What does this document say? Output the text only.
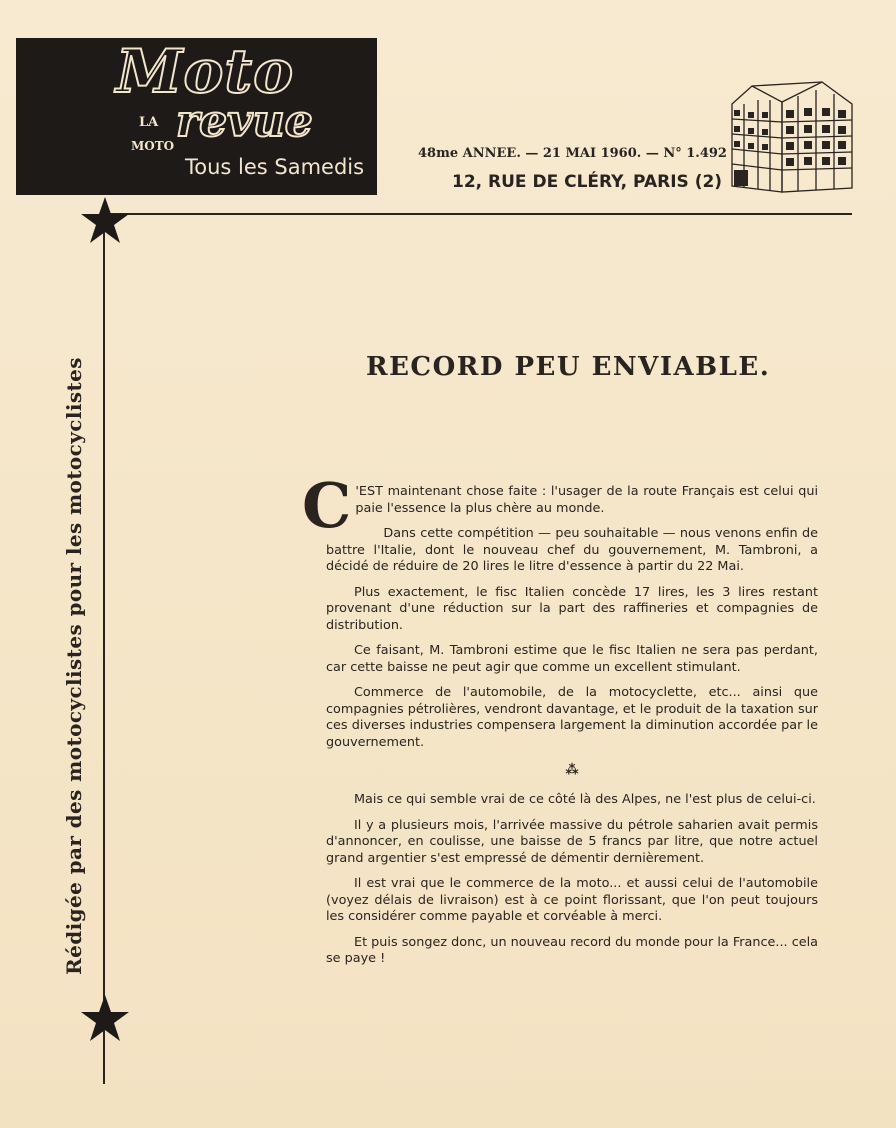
Moto
LA
MOTO revue
Tous les Samedis
48me ANNEE. — 21 MAI 1960. — N° 1.492
12, RUE DE CLÉRY, PARIS (2)
Rédigée par des motocyclistes pour les motocyclistes	RECORD PEU ENVIABLE.

C 'EST maintenant chose faite : l'usager de la route Français est celui qui paie l'essence la plus chère au monde.

Dans cette compétition — peu souhaitable — nous venons enfin de battre l'Italie, dont le nouveau chef du gouvernement, M. Tambroni, a décidé de réduire de 20 lires le litre d'essence à partir du 22 Mai.

Plus exactement, le fisc Italien concède 17 lires, les 3 lires restant provenant d'une réduction sur la part des raffineries et compagnies de distribution.

Ce faisant, M. Tambroni estime que le fisc Italien ne sera pas perdant, car cette baisse ne peut agir que comme un excellent stimulant.

Commerce de l'automobile, de la motocyclette, etc... ainsi que compagnies pétrolières, vendront davantage, et le produit de la taxation sur ces diverses industries compensera largement la diminution accordée par le gouvernement.

⁂

Mais ce qui semble vrai de ce côté là des Alpes, ne l'est plus de celui-ci.

Il y a plusieurs mois, l'arrivée massive du pétrole saharien avait permis d'annoncer, en coulisse, une baisse de 5 francs par litre, que notre actuel grand argentier s'est empressé de démentir dernièrement.

Il est vrai que le commerce de la moto... et aussi celui de l'automobile (voyez délais de livraison) est à ce point florissant, que l'on peut toujours les considérer comme payable et corvéable à merci.

Et puis songez donc, un nouveau record du monde pour la France... cela se paye !
